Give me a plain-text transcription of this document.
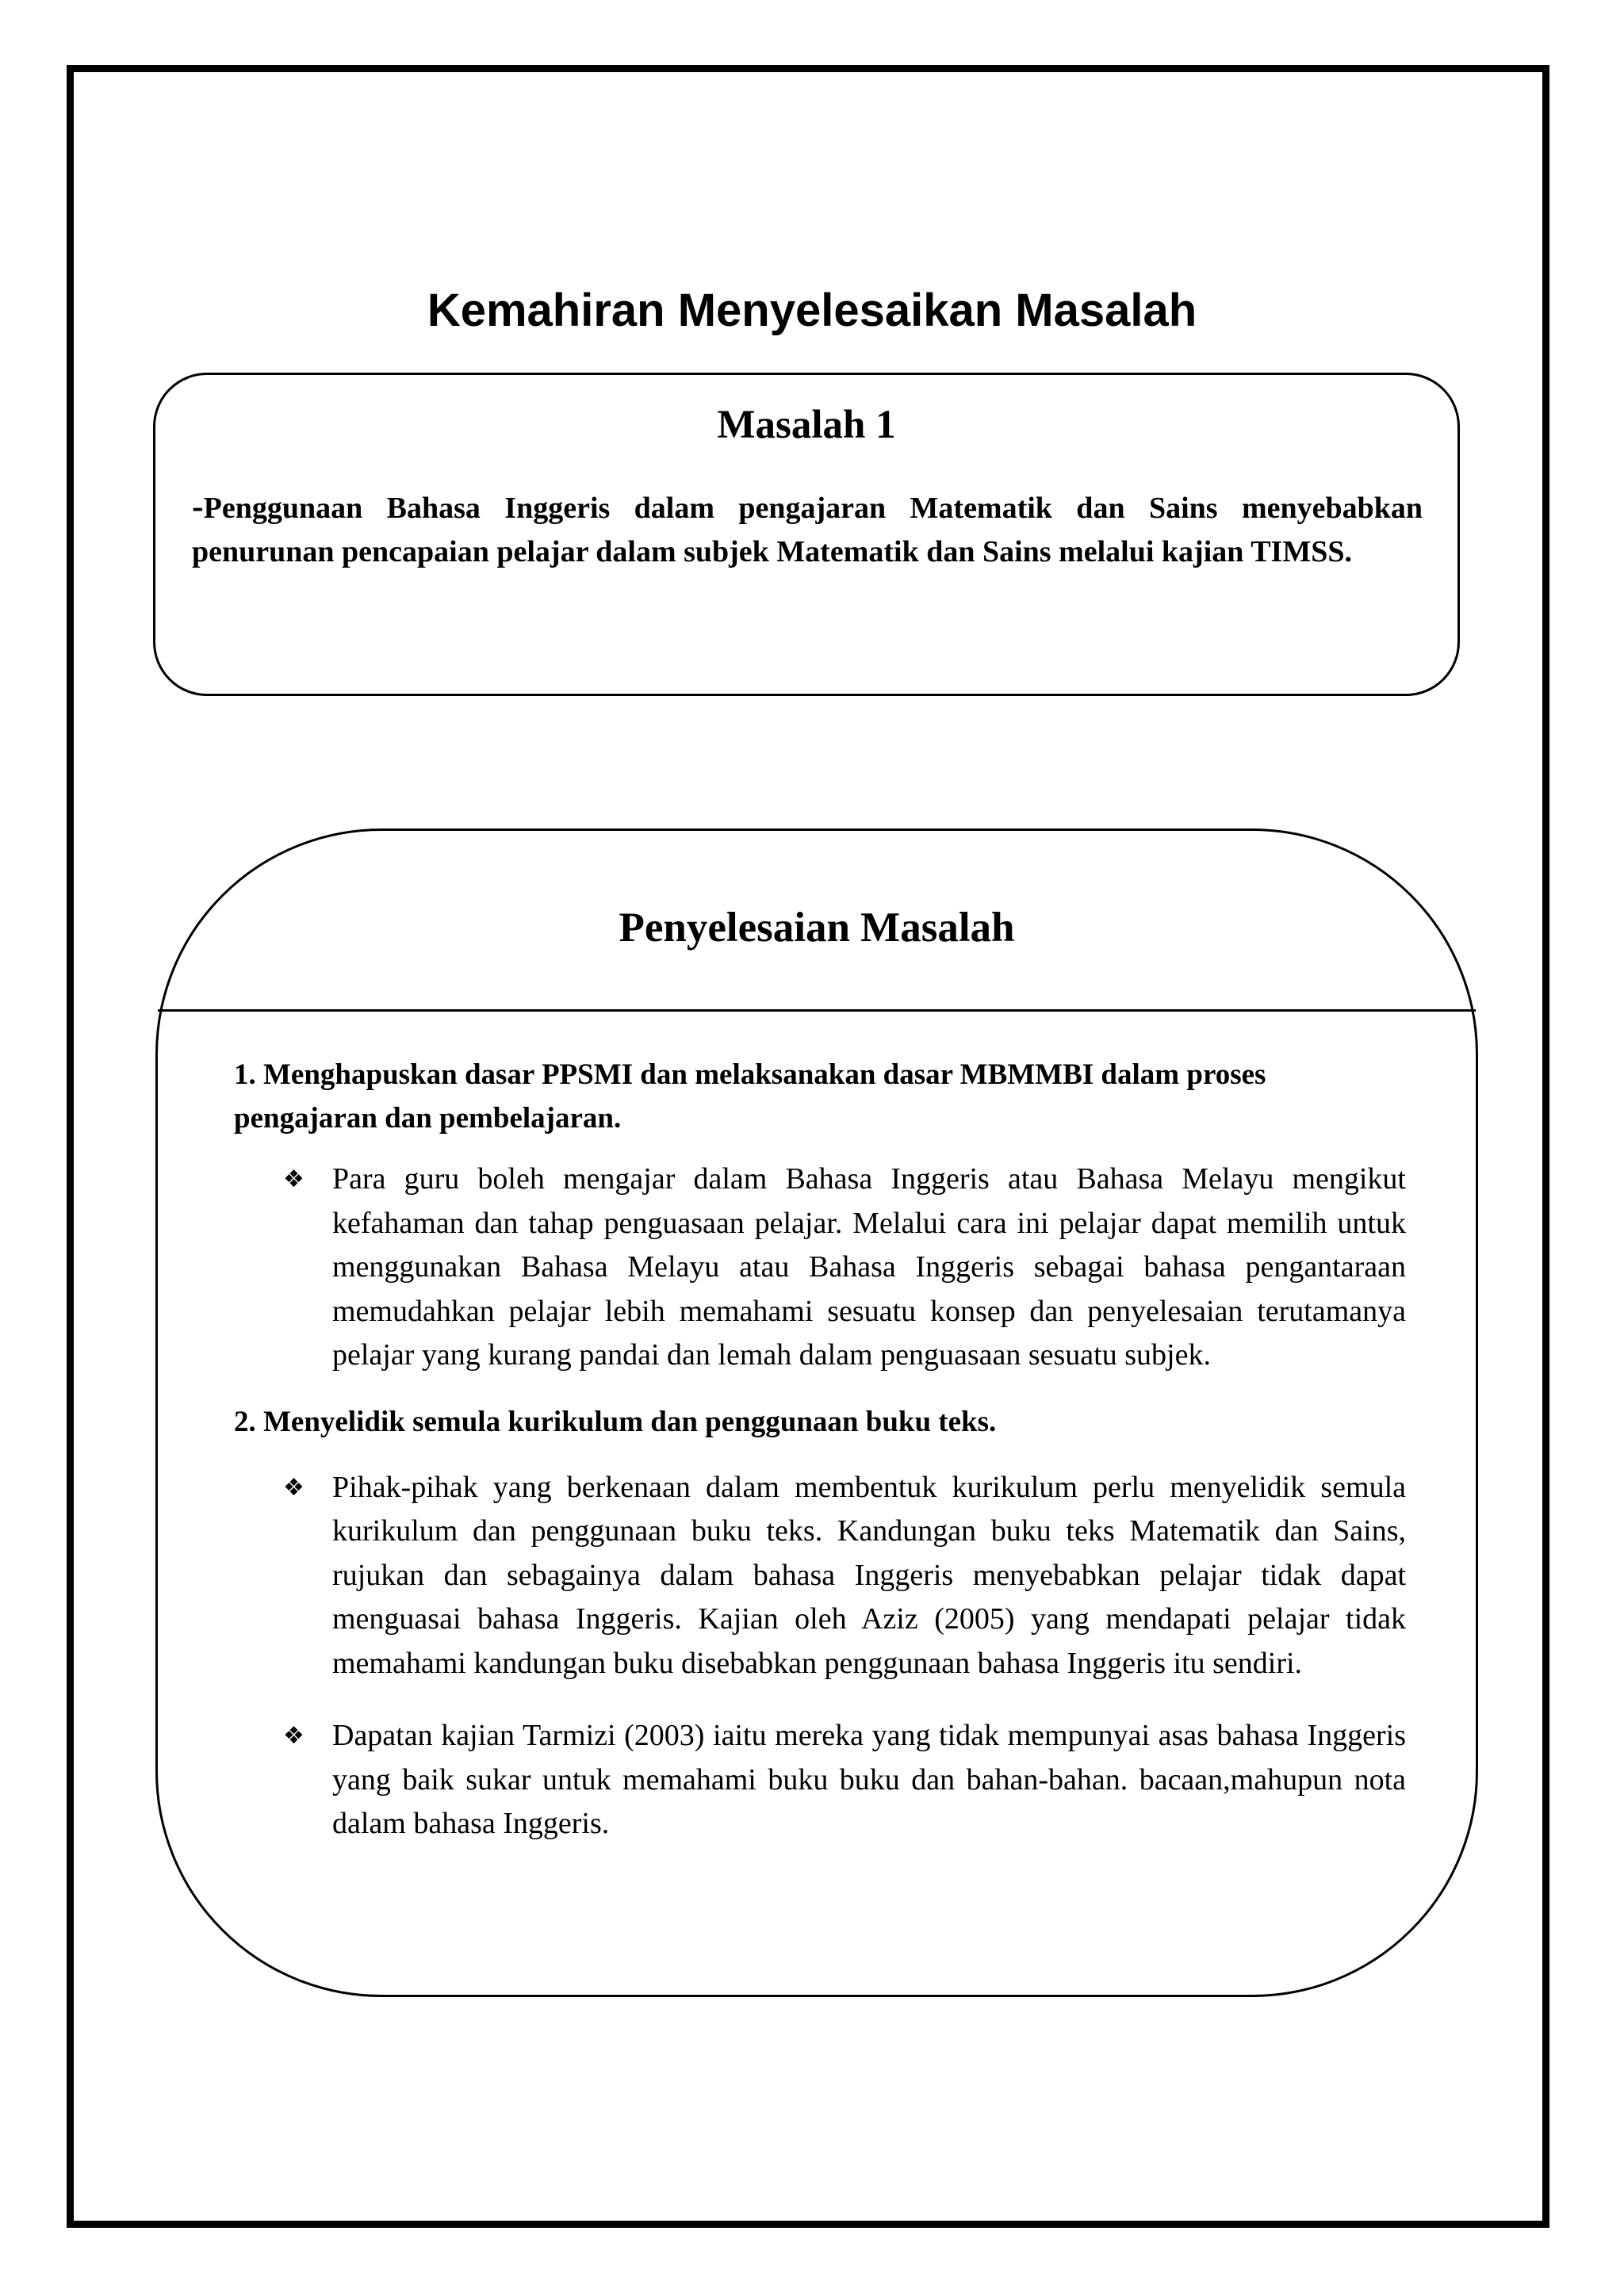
Kemahiran Menyelesaikan Masalah
Masalah 1

-Penggunaan Bahasa Inggeris dalam pengajaran Matematik dan Sains menyebabkan penurunan pencapaian pelajar dalam subjek Matematik dan Sains melalui kajian TIMSS.

Penyelesaian Masalah

1. Menghapuskan dasar PPSMI dan melaksanakan dasar MBMMBI dalam proses pengajaran dan pembelajaran.

❖ Para guru boleh mengajar dalam Bahasa Inggeris atau Bahasa Melayu mengikut kefahaman dan tahap penguasaan pelajar. Melalui cara ini pelajar dapat memilih untuk menggunakan Bahasa Melayu atau Bahasa Inggeris sebagai bahasa pengantaraan memudahkan pelajar lebih memahami sesuatu konsep dan penyelesaian terutamanya pelajar yang kurang pandai dan lemah dalam penguasaan sesuatu subjek.

2. Menyelidik semula kurikulum dan penggunaan buku teks.

❖ Pihak-pihak yang berkenaan dalam membentuk kurikulum perlu menyelidik semula kurikulum dan penggunaan buku teks. Kandungan buku teks Matematik dan Sains, rujukan dan sebagainya dalam bahasa Inggeris menyebabkan pelajar tidak dapat menguasai bahasa Inggeris. Kajian oleh Aziz (2005) yang mendapati pelajar tidak memahami kandungan buku disebabkan penggunaan bahasa Inggeris itu sendiri.

❖ Dapatan kajian Tarmizi (2003) iaitu mereka yang tidak mempunyai asas bahasa Inggeris yang baik sukar untuk memahami buku buku dan bahan-bahan. bacaan,mahupun nota dalam bahasa Inggeris.
